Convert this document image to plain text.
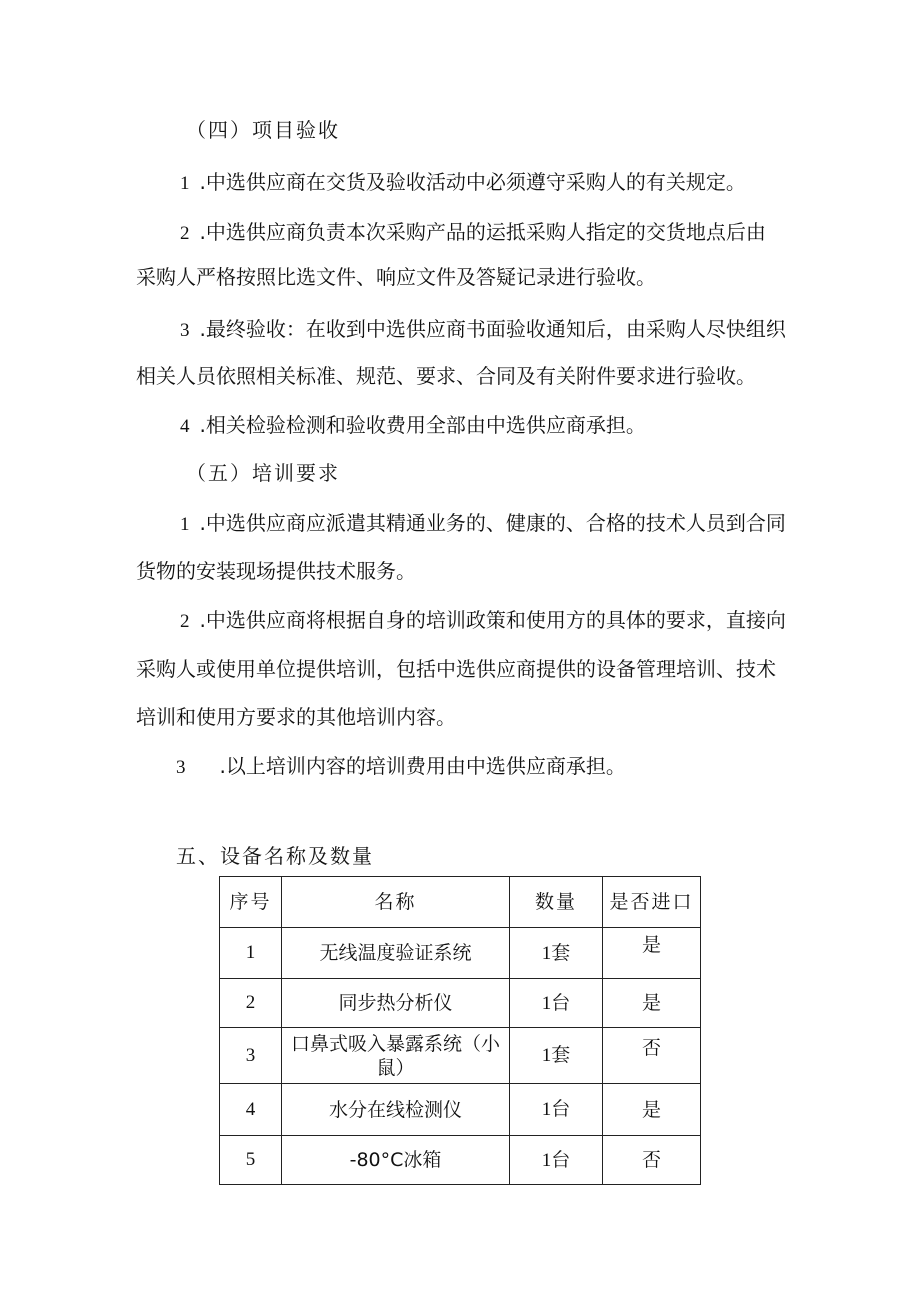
（四）项目验收
1 .中选供应商在交货及验收活动中必须遵守采购人的有关规定。
2 .中选供应商负责本次采购产品的运抵采购人指定的交货地点后由
采购人严格按照比选文件、响应文件及答疑记录进行验收。
3 .最终验收：在收到中选供应商书面验收通知后，由采购人尽快组织
相关人员依照相关标准、规范、要求、合同及有关附件要求进行验收。
4 .相关检验检测和验收费用全部由中选供应商承担。
（五）培训要求
1 .中选供应商应派遣其精通业务的、健康的、合格的技术人员到合同
货物的安装现场提供技术服务。
2 .中选供应商将根据自身的培训政策和使用方的具体的要求，直接向
采购人或使用单位提供培训，包括中选供应商提供的设备管理培训、技术
培训和使用方要求的其他培训内容。
3 .以上培训内容的培训费用由中选供应商承担。
五、设备名称及数量
序号	名称	数量	是否进口
1	无线温度验证系统	1套	是
2	同步热分析仪	1台	是
3	口鼻式吸入暴露系统（小
鼠）	1套	否
4	水分在线检测仪	1台	是
5	-80°C冰箱	1台	否
